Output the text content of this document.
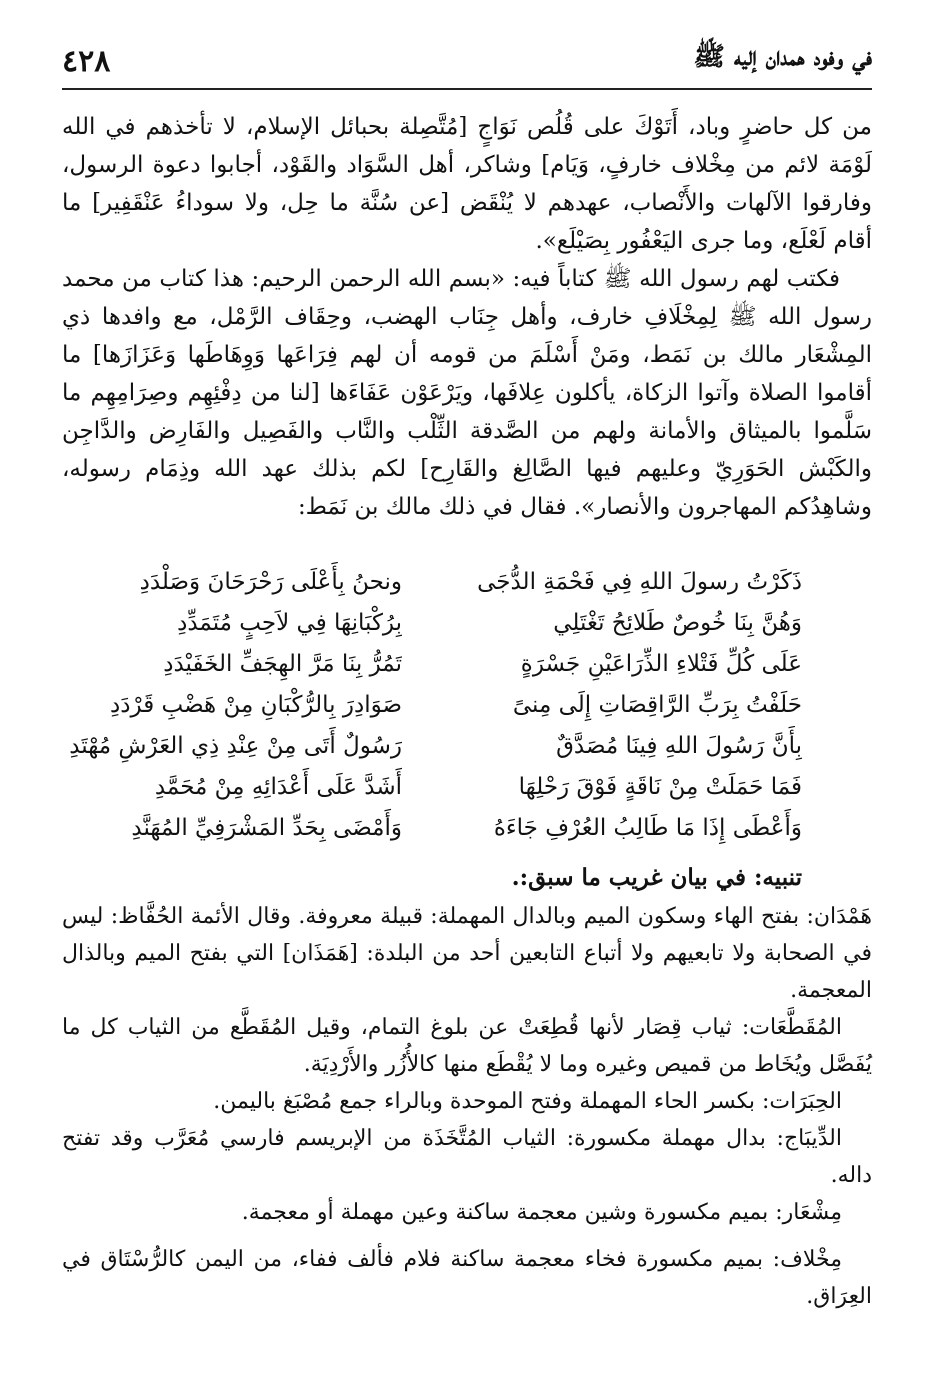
في وفود همدان إليه ﷺ
٤٢٨

من كل حاضرٍ وباد، أَتَوْكَ على قُلُص نَوَاجٍ [مُتَّصِلة بحبائل الإسلام، لا تأخذهم في الله لَوْمَة لائم من مِخْلاف خارفٍ، وَيَام] وشاكر، أهل السَّوَاد والقَوْد، أجابوا دعوة الرسول، وفارقوا الآلهات والأَنْصاب، عهدهم لا يُنْقَض [عن سُنَّة ما حِل، ولا سوداءُ عَنْقَفِير] ما أقام لَعْلَع، وما جرى اليَعْفُور بِصَيْلَع».

فكتب لهم رسول الله ﷺ كتاباً فيه: «بسم الله الرحمن الرحيم: هذا كتاب من محمد رسول الله ﷺ لِمِخْلَافِ خارف، وأهل جِنَاب الهضب، وحِقَاف الرَّمْل، مع وافدها ذي المِشْعَار مالك بن نَمَط، ومَنْ أَسْلَمَ من قومه أن لهم فِرَاعَها وَوِهَاطَها وَعَزَازَها] ما أقاموا الصلاة وآتوا الزكاة، يأكلون عِلافَها، ويَرْعَوْن عَفَاءَها [لنا من دِفْئِهِم وصِرَامِهِم ما سَلَّموا بالميثاق والأمانة ولهم من الصَّدقة الثِّلْب والنَّاب والفَصِيل والفَارِض والدَّاجِن والكَبْش الحَوَرِيّ وعليهم فيها الصَّالِغ والقَارِح] لكم بذلك عهد الله وذِمَام رسوله، وشاهِدُكم المهاجرون والأنصار». فقال في ذلك مالك بن نَمَط:

ذَكَرْتُ رسولَ اللهِ فِي فَحْمَةِ الدُّجَى
ونحنُ بِأَعْلَى رَحْرَحَانَ وَصَلْدَدِ
وَهُنَّ بِنَا خُوصٌ طَلائِحُ تَغْتَلِي
بِرُكْبَانِهَا فِي لاَحِبٍ مُتَمَدِّدِ
عَلَى كُلِّ فَتْلاءِ الذِّرَاعَيْنِ جَسْرَةٍ
تَمُرُّ بِنَا مَرَّ الهِجَفِّ الخَفَيْدَدِ
حَلَفْتُ بِرَبِّ الرَّاقِصَاتِ إِلَى مِنىً
صَوَادِرَ بِالرُّكْبَانِ مِنْ هَضْبِ قَرْدَدِ
بِأَنَّ رَسُولَ اللهِ فِينَا مُصَدَّقٌ
رَسُولٌ أَتَى مِنْ عِنْدِ ذِي العَرْشِ مُهْتَدِ
فَمَا حَمَلَتْ مِنْ نَاقَةٍ فَوْقَ رَحْلِهَا
أَشَدَّ عَلَى أَعْدَائِهِ مِنْ مُحَمَّدِ
وَأَعْطَى إِذَا مَا طَالِبُ العُرْفِ جَاءَهُ
وَأَمْضَى بِحَدِّ المَشْرَفِيِّ المُهَنَّدِ
تنبيه: في بيان غريب ما سبق:.

هَمْدَان: بفتح الهاء وسكون الميم وبالدال المهملة: قبيلة معروفة. وقال الأئمة الحُفَّاظ: ليس في الصحابة ولا تابعيهم ولا أتباع التابعين أحد من البلدة: [هَمَذَان] التي بفتح الميم وبالذال المعجمة.

المُقَطَّعَات: ثياب قِصَار لأنها قُطِعَتْ عن بلوغ التمام، وقيل المُقَطَّع من الثياب كل ما يُفَصَّل ويُخَاط من قميص وغيره وما لا يُقْطَع منها كالأُزُر والأَرْدِيَة.

الحِبَرَات: بكسر الحاء المهملة وفتح الموحدة وبالراء جمع مُصْبَغ باليمن.

الدِّيبَاج: بدال مهملة مكسورة: الثياب المُتَّخَذَة من الإبريسم فارسي مُعَرَّب وقد تفتح داله.

مِشْعَار: بميم مكسورة وشين معجمة ساكنة وعين مهملة أو معجمة.

مِخْلاف: بميم مكسورة فخاء معجمة ساكنة فلام فألف ففاء، من اليمن كالرُّسْتَاق في العِرَاق.
